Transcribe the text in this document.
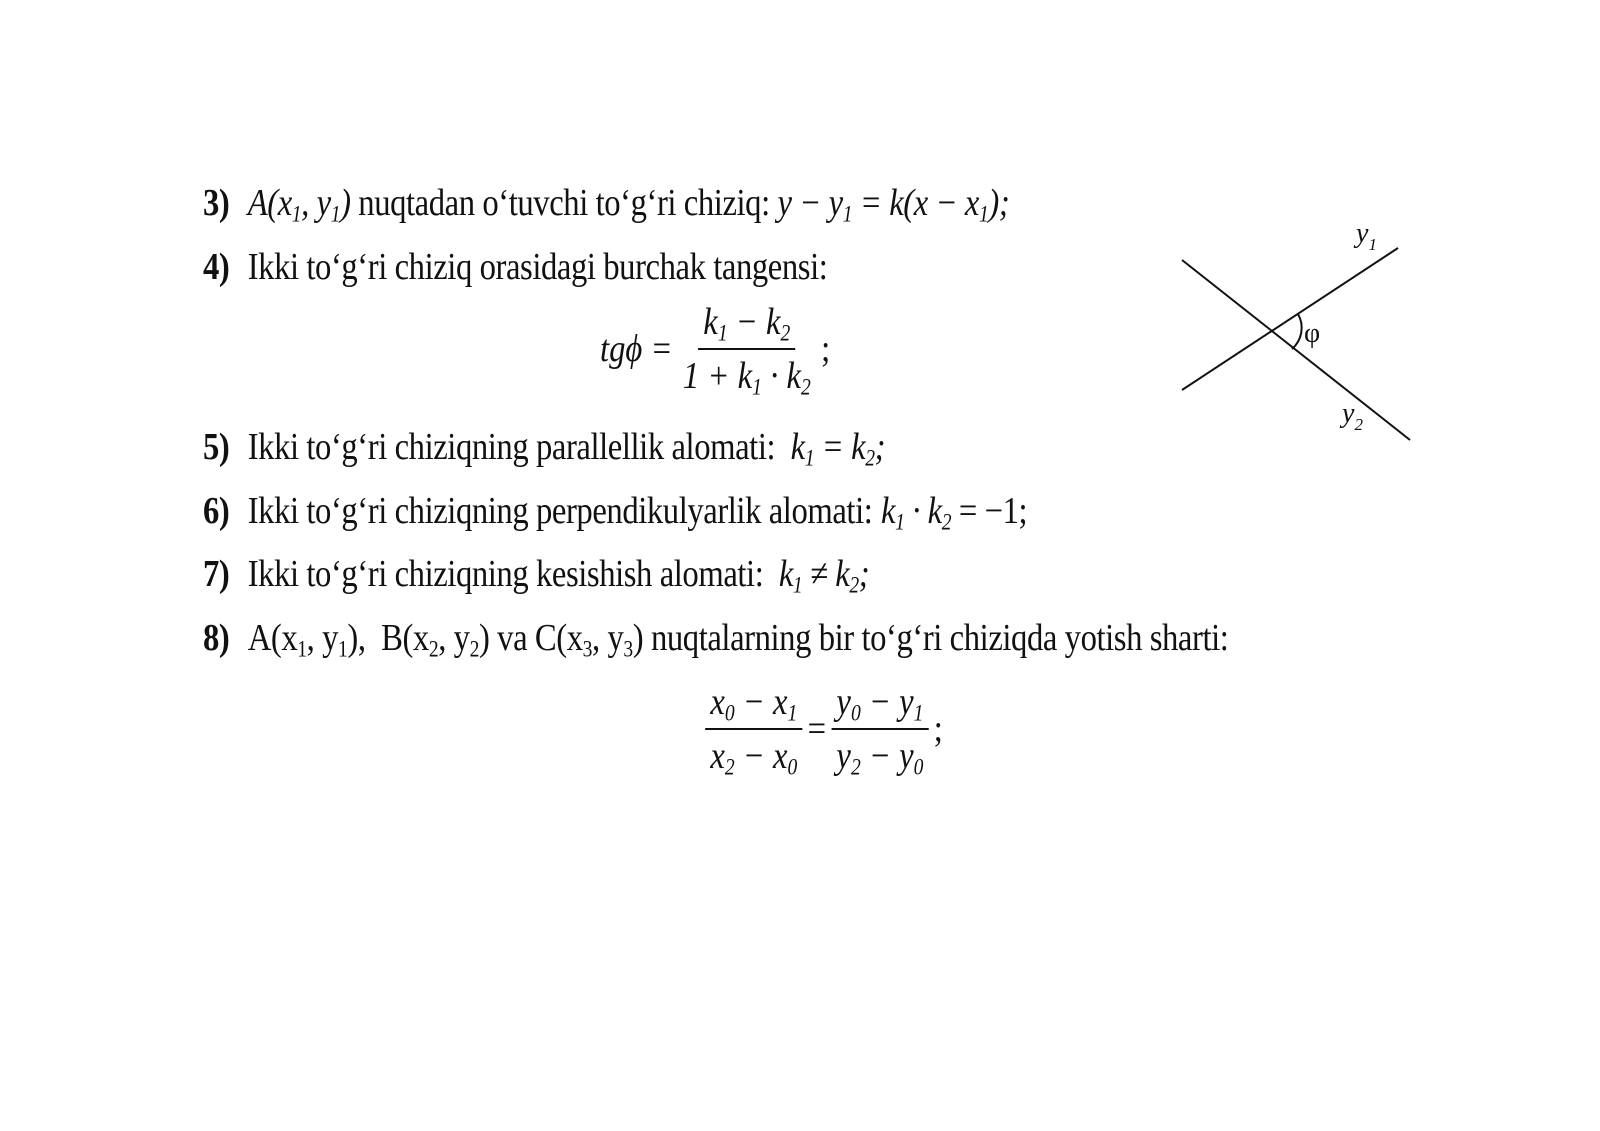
3) $A(x_1$, $y_1$) nuqtadan o‘tuvchi to‘g‘ri chiziq: $y - y_1 = k(x - x_1)$;
4) Ikki to‘g‘ri chiziq orasidagi burchak tangensi:
$tg\phi = \frac{k_1 - k_2}{1 + k_1 \cdot k_2}$ ;
5) Ikki to‘g‘ri chiziqning parallellik alomati: $k_1 = k_2$;
6) Ikki to‘g‘ri chiziqning perpendikulyarlik alomati: $k_1 \cdot k_2 = -1$;
7) Ikki to‘g‘ri chiziqning kesishish alomati: $k_1 \ne k_2$;
8) $A(x_1$, $y_1$), $B(x_2$, $y_2$) va $C(x_3$, $y_3$) nuqtalarning bir to‘g‘ri chiziqda yotish sharti:
$\frac{x_0 - x_1}{x_2 - x_0} = \frac{y_0 - y_1}{y_2 - y_0}$ ;
$y_1$
$y_2$
φ
